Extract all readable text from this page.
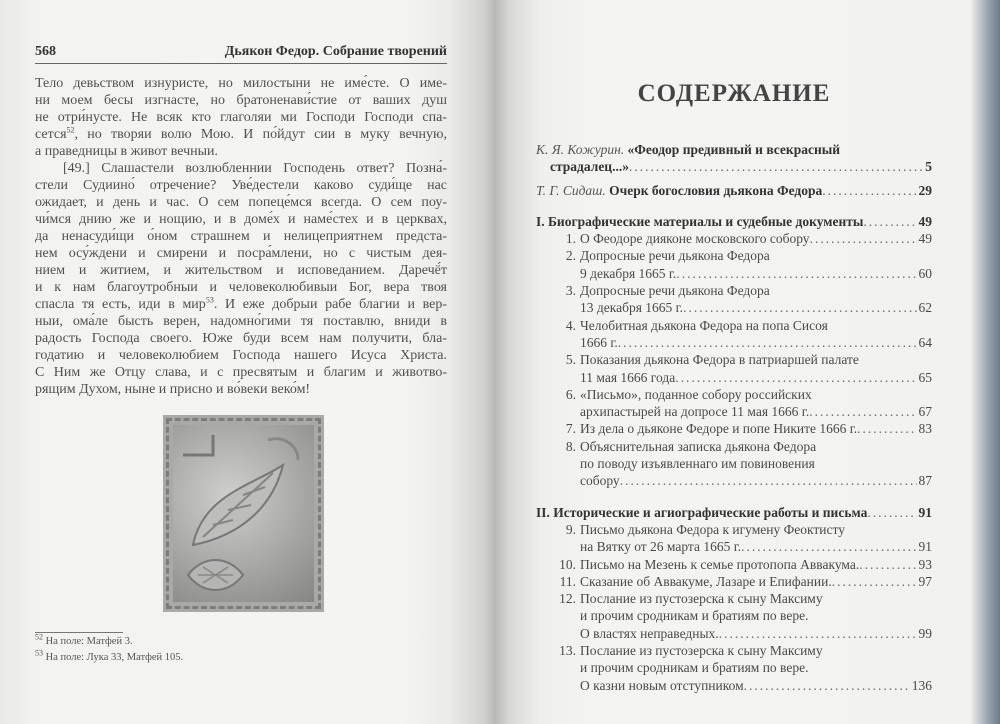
568	Дьякон Федор. Собрание творений
Тело девьством изнуристе, но милостыни не име́сте. О име-
ни моем бесы изгнасте, но братоненави́стие от ваших душ
не отри́нусте. Не всяк кто глаголяи ми Господи Господи спа-
сется$^{52}$, но творяи волю Мою. И по́йдут сии в муку вечную,
а праведницы в живот вечныи.
[49.] Слашастели возлюбленнии Господень ответ? Позна́-
стели Судиино́ отречение? Уве́дестели каково суди́ще нас
ожидает, и день и час. О сем попеце́мся всегда. О сем поу-
чи́мся днию же и нощию, и в доме́х и наме́стех и в церквах,
да ненасуди́щи о́ном страшнем и нелицеприятнем предста-
нем осу́ждени и смирени и посра́млени, но с чистым дея-
нием и житием, и жительством и исповеданием. Даречё́т
и к нам благоутробныи и человеколюбивыи Бог, вера твоя
спасла тя есть, иди в мир$^{53}$. И еже добрыи рабе благии и вер-
ныи, ома́ле бысть верен, надомно́гими тя поставлю, вниди в
радость Господа своего. Юже буди всем нам получити, бла-
годатию и человеколюбием Господа нашего Исуса Христа.
С Ним же Отцу слава, и с пресвятым и благим и животво-
рящим Духом, ныне и присно и во́веки веко́м!
$^{52}$ На поле: Матфей 3.
$^{53}$ На поле: Лука 33, Матфей 105.
СОДЕРЖАНИЕ
К. Я. Кожурин. «Феодор предивный и всекрасный
страдалец...» .....	5
Т. Г. Сидаш. Очерк богословия дьякона Федора .....	29
I. Биографические материалы и судебные документы .....	49
1. О Феодоре дияконе московского собору .....	49
2. Допросные речи дьякона Федора
9 декабря 1665 г. .....	60
3. Допросные речи дьякона Федора
13 декабря 1665 г. .....	62
4. Челобитная дьякона Федора на попа Сисоя
1666 г. .....	64
5. Показания дьякона Федора в патриаршей палате
11 мая 1666 года .....	65
6. «Письмо», поданное собору российских
архипастырей на допросе 11 мая 1666 г. .....	67
7. Из дела о дьяконе Федоре и попе Никите 1666 г. .....	83
8. Объяснительная записка дьякона Федора
по поводу изъявленнаго им повиновения
собору .....	87
II. Исторические и агиографические работы и письма .....	91
9. Письмо дьякона Федора к игумену Феоктисту
на Вятку от 26 марта 1665 г. .....	91
10. Письмо на Мезень к семье протопопа Аввакума. .....	93
11. Сказание об Аввакуме, Лазаре и Епифании. .....	97
12. Послание из пустозерска к сыну Максиму
и прочим сродникам и братиям по вере.
О властях неправедных. .....	99
13. Послание из пустозерска к сыну Максиму
и прочим сродникам и братиям по вере.
О казни новым отступником .....	136
